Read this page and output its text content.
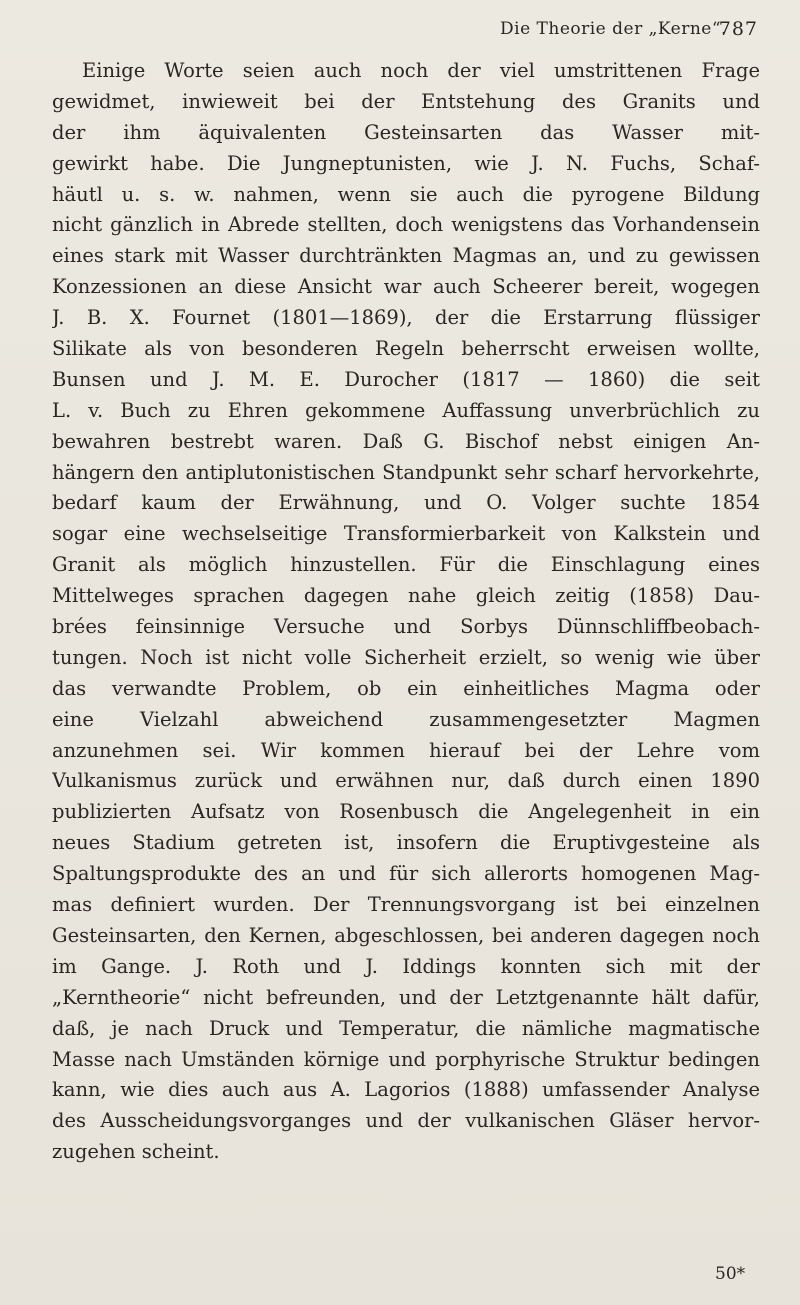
Die Theorie der „Kerne“.
787
Einige Worte seien auch noch der viel umstrittenen Frage
gewidmet, inwieweit bei der Entstehung des Granits und
der ihm äquivalenten Gesteinsarten das Wasser mit-
gewirkt habe. Die Jungneptunisten, wie J. N. Fuchs, Schaf-
häutl u. s. w. nahmen, wenn sie auch die pyrogene Bildung
nicht gänzlich in Abrede stellten, doch wenigstens das Vorhandensein
eines stark mit Wasser durchtränkten Magmas an, und zu gewissen
Konzessionen an diese Ansicht war auch Scheerer bereit, wogegen
J. B. X. Fournet (1801—1869), der die Erstarrung flüssiger
Silikate als von besonderen Regeln beherrscht erweisen wollte,
Bunsen und J. M. E. Durocher (1817 — 1860) die seit
L. v. Buch zu Ehren gekommene Auffassung unverbrüchlich zu
bewahren bestrebt waren. Daß G. Bischof nebst einigen An-
hängern den antiplutonistischen Standpunkt sehr scharf hervorkehrte,
bedarf kaum der Erwähnung, und O. Volger suchte 1854
sogar eine wechselseitige Transformierbarkeit von Kalkstein und
Granit als möglich hinzustellen. Für die Einschlagung eines
Mittelweges sprachen dagegen nahe gleich zeitig (1858) Dau-
brées feinsinnige Versuche und Sorbys Dünnschliffbeobach-
tungen. Noch ist nicht volle Sicherheit erzielt, so wenig wie über
das verwandte Problem, ob ein einheitliches Magma oder
eine Vielzahl abweichend zusammengesetzter Magmen
anzunehmen sei. Wir kommen hierauf bei der Lehre vom
Vulkanismus zurück und erwähnen nur, daß durch einen 1890
publizierten Aufsatz von Rosenbusch die Angelegenheit in ein
neues Stadium getreten ist, insofern die Eruptivgesteine als
Spaltungsprodukte des an und für sich allerorts homogenen Mag-
mas definiert wurden. Der Trennungsvorgang ist bei einzelnen
Gesteinsarten, den Kernen, abgeschlossen, bei anderen dagegen noch
im Gange. J. Roth und J. Iddings konnten sich mit der
„Kerntheorie“ nicht befreunden, und der Letztgenannte hält dafür,
daß, je nach Druck und Temperatur, die nämliche magmatische
Masse nach Umständen körnige und porphyrische Struktur bedingen
kann, wie dies auch aus A. Lagorios (1888) umfassender Analyse
des Ausscheidungsvorganges und der vulkanischen Gläser hervor-
zugehen scheint.
50*
